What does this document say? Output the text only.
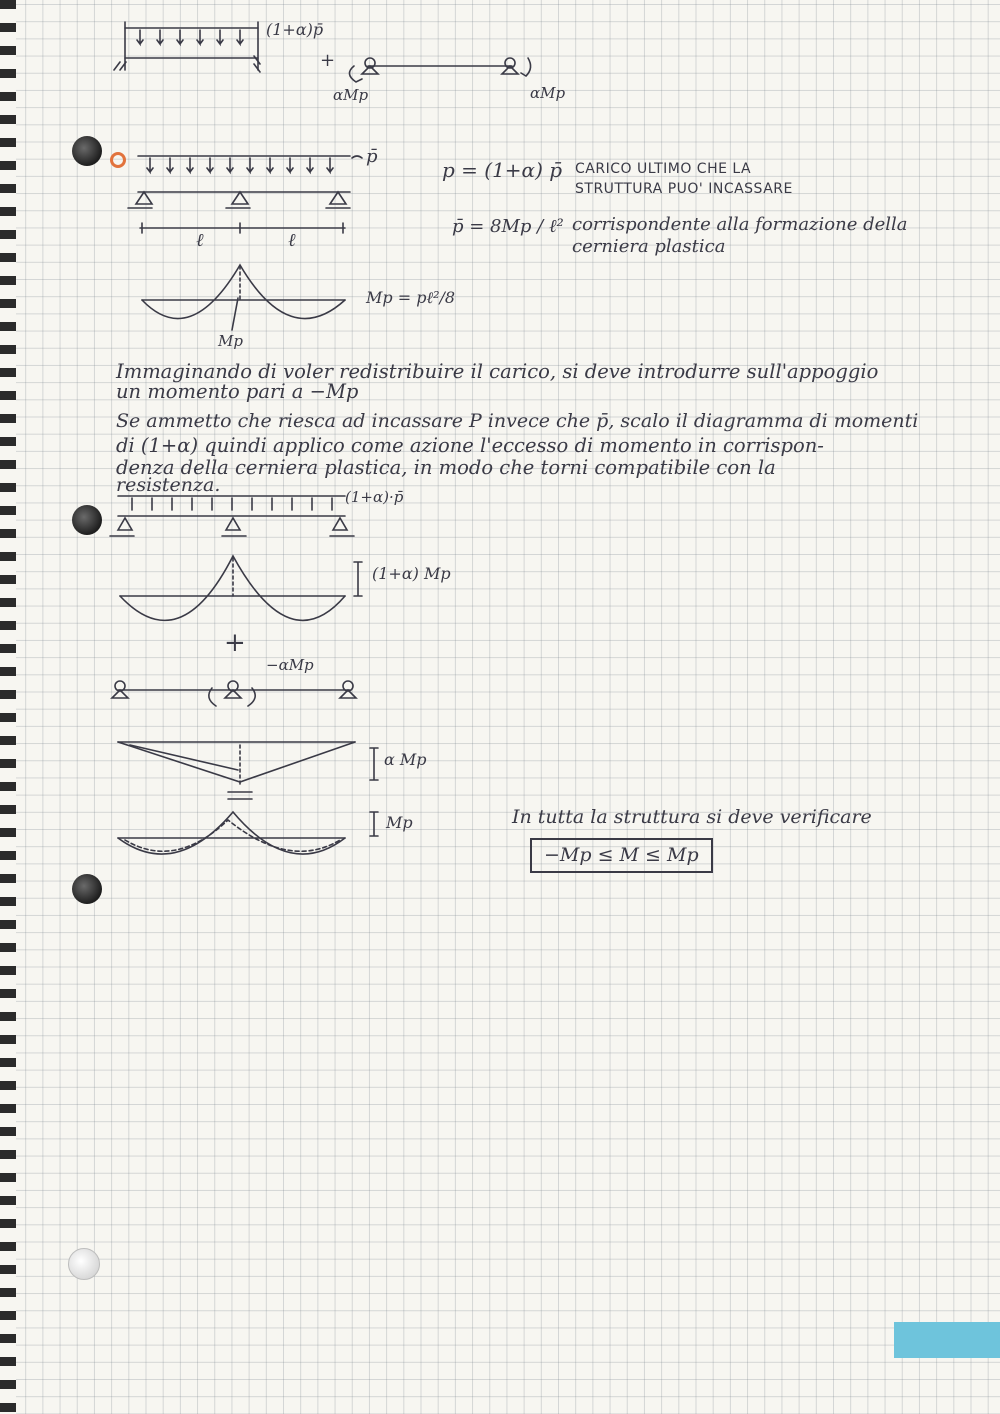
(1+α)p̄
+
αMp	αMp
p̄
ℓ	ℓ
Mp
Mp = pℓ²/8
p = (1+α) p̄ CARICO ULTIMO CHE LA
STRUTTURA PUO' INCASSARE
p̄ = 8Mp / ℓ² corrispondente alla formazione della
cerniera plastica
Immaginando di voler redistribuire il carico, si deve introdurre sull'appoggio
un momento pari a −Mp
Se ammetto che riesca ad incassare P invece che p̄, scalo il diagramma di momenti
di (1+α) quindi applico come azione l'eccesso di momento in corrispon-
denza della cerniera plastica, in modo che torni compatibile con la
resistenza.
(1+α)·p̄
(1+α) Mp
+
−αMp
α Mp
Mp	In tutta la struttura si deve verificare
−Mp ≤ M ≤ Mp
